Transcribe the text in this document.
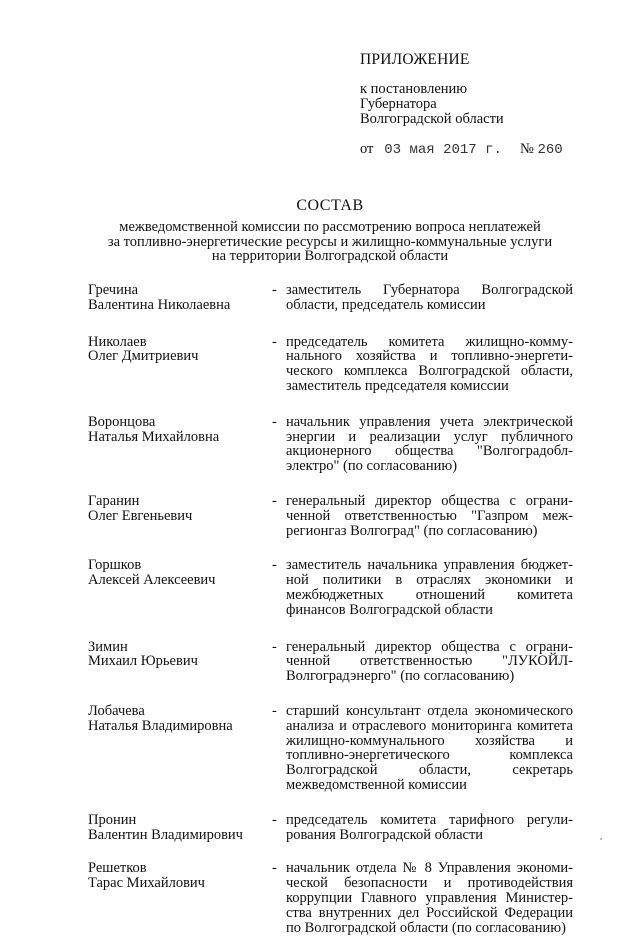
ПРИЛОЖЕНИЕ
к постановлению
Губернатора
Волгоградской области
от 03 мая 2017 г. № 260
СОСТАВ
межведомственной комиссии по рассмотрению вопроса неплатежей
за топливно-энергетические ресурсы и жилищно-коммунальные услуги
на территории Волгоградской области
Гречина
Валентина Николаевна
- заместитель Губернатора Волгоградской области, председатель комиссии
Николаев
Олег Дмитриевич
- председатель комитета жилищно-коммунального хозяйства и топливно-энергетического комплекса Волгоградской области, заместитель председателя комиссии
Воронцова
Наталья Михайловна
- начальник управления учета электрической энергии и реализации услуг публичного акционерного общества "Волгоградоблэлектро" (по согласованию)
Гаранин
Олег Евгеньевич
- генеральный директор общества с ограниченной ответственностью "Газпром межрегионгаз Волгоград" (по согласованию)
Горшков
Алексей Алексеевич
- заместитель начальника управления бюджетной политики в отраслях экономики и межбюджетных отношений комитета финансов Волгоградской области
Зимин
Михаил Юрьевич
- генеральный директор общества с ограниченной ответственностью "ЛУКОЙЛ-Волгоградэнерго" (по согласованию)
Лобачева
Наталья Владимировна
- старший консультант отдела экономического анализа и отраслевого мониторинга комитета жилищно-коммунального хозяйства и топливно-энергетического комплекса Волгоградской области, секретарь межведомственной комиссии
Пронин
Валентин Владимирович
- председатель комитета тарифного регулирования Волгоградской области
Решетков
Тарас Михайлович
- начальник отдела № 8 Управления экономической безопасности и противодействия коррупции Главного управления Министерства внутренних дел Российской Федерации по Волгоградской области (по согласованию)
